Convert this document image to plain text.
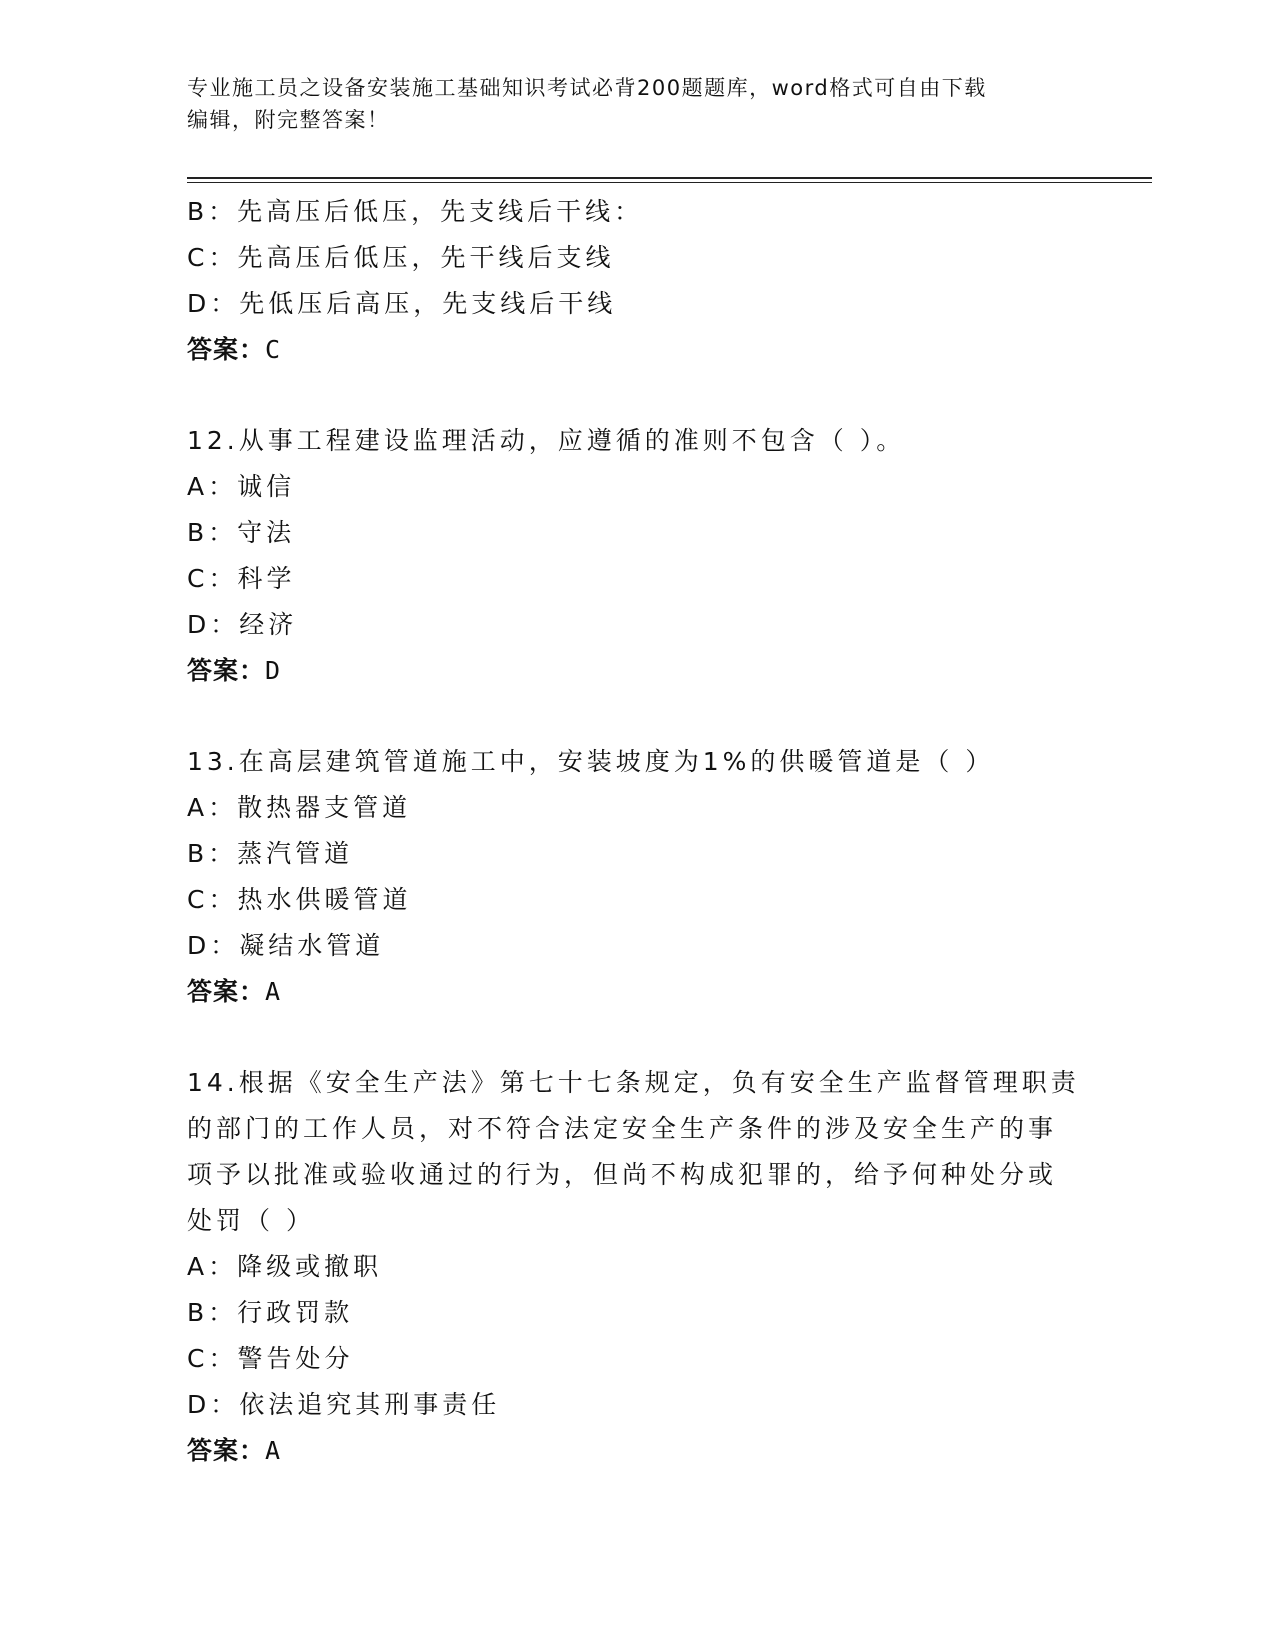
专业施工员之设备安装施工基础知识考试必背200题题库，word格式可自由下载
编辑，附完整答案！
B：先高压后低压，先支线后干线：
C：先高压后低压，先干线后支线
D：先低压后高压，先支线后干线
答案：C
12.从事工程建设监理活动，应遵循的准则不包含（ ）。
A：诚信
B：守法
C：科学
D：经济
答案：D
13.在高层建筑管道施工中，安装坡度为1%的供暖管道是（ ）
A：散热器支管道
B：蒸汽管道
C：热水供暖管道
D：凝结水管道
答案：A
14.根据《安全生产法》第七十七条规定，负有安全生产监督管理职责
的部门的工作人员，对不符合法定安全生产条件的涉及安全生产的事
项予以批准或验收通过的行为，但尚不构成犯罪的，给予何种处分或
处罚（ ）
A：降级或撤职
B：行政罚款
C：警告处分
D：依法追究其刑事责任
答案：A
